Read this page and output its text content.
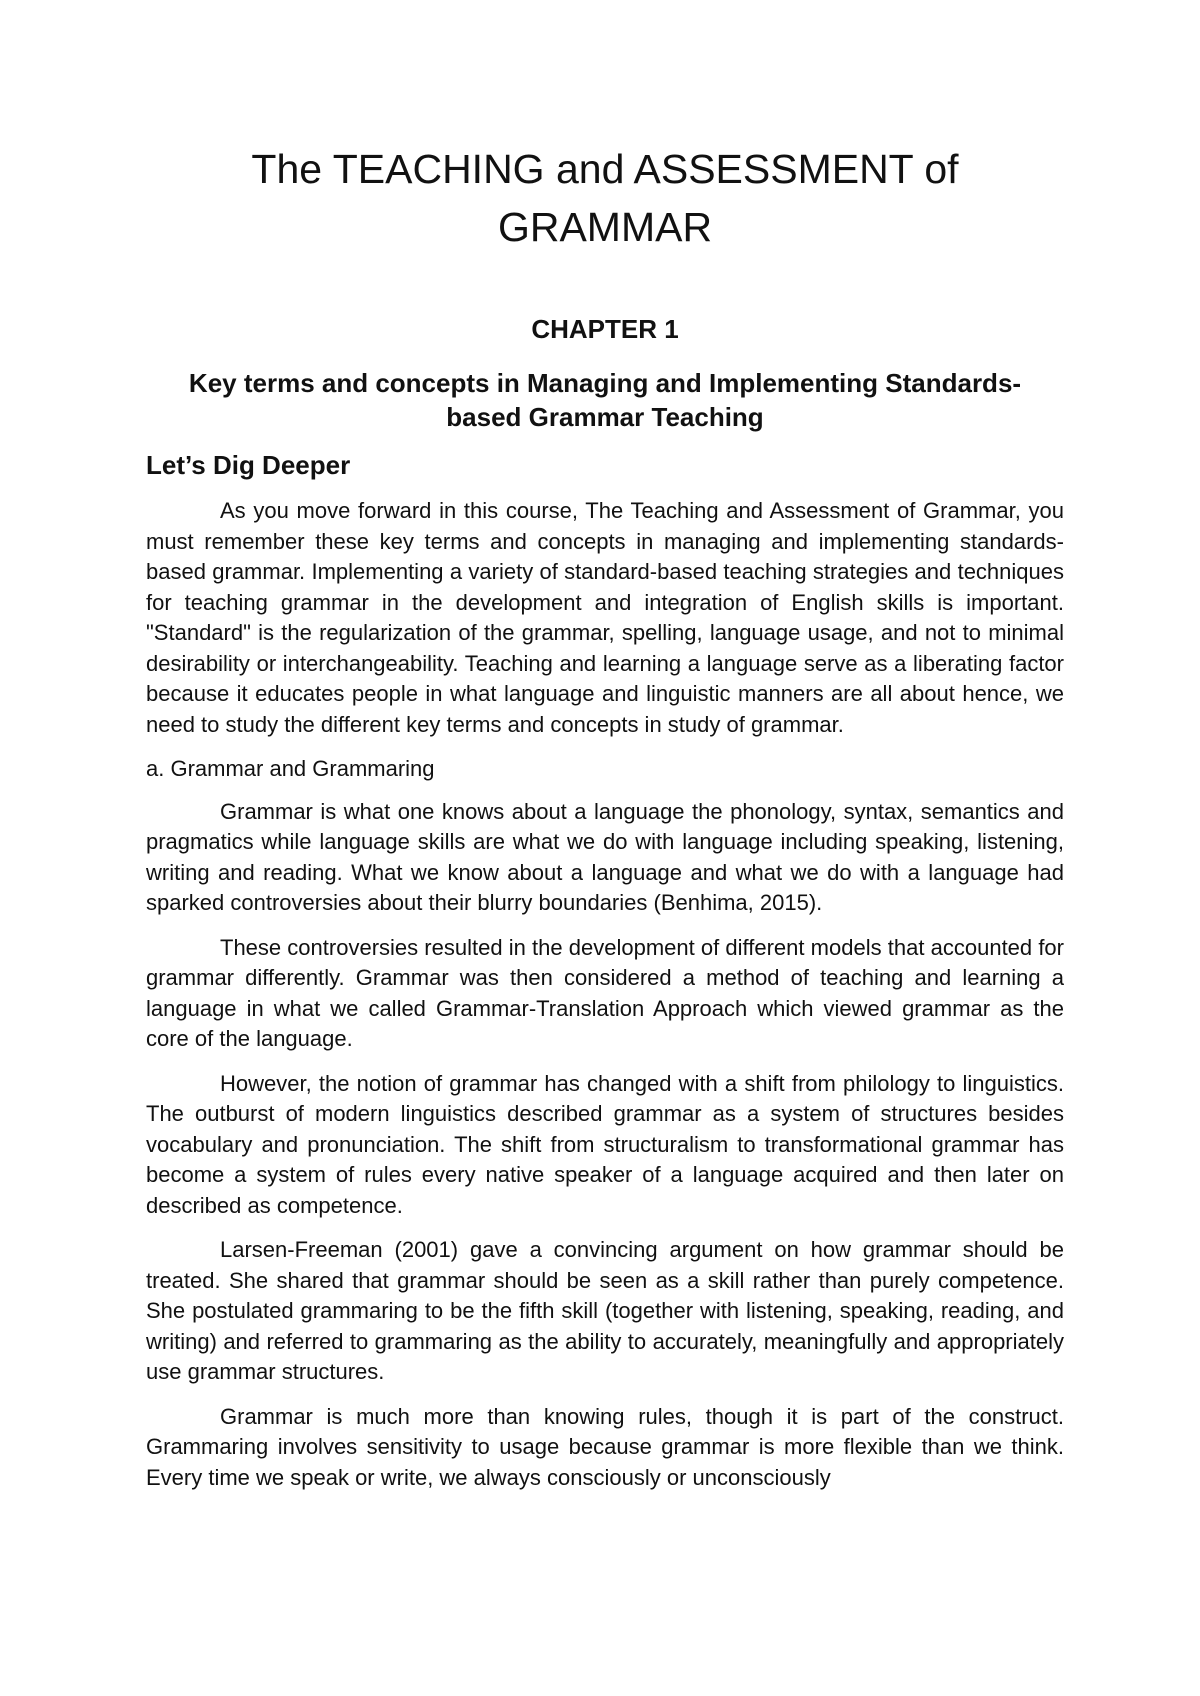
The TEACHING and ASSESSMENT of
GRAMMAR

CHAPTER 1

Key terms and concepts in Managing and Implementing Standards-
based Grammar Teaching

Let’s Dig Deeper

As you move forward in this course, The Teaching and Assessment of Grammar, you must remember these key terms and concepts in managing and implementing standards-based grammar. Implementing a variety of standard-based teaching strategies and techniques for teaching grammar in the development and integration of English skills is important. "Standard" is the regularization of the grammar, spelling, language usage, and not to minimal desirability or interchangeability. Teaching and learning a language serve as a liberating factor because it educates people in what language and linguistic manners are all about hence, we need to study the different key terms and concepts in study of grammar.

a. Grammar and Grammaring

Grammar is what one knows about a language the phonology, syntax, semantics and pragmatics while language skills are what we do with language including speaking, listening, writing and reading. What we know about a language and what we do with a language had sparked controversies about their blurry boundaries (Benhima, 2015).

These controversies resulted in the development of different models that accounted for grammar differently. Grammar was then considered a method of teaching and learning a language in what we called Grammar-Translation Approach which viewed grammar as the core of the language.

However, the notion of grammar has changed with a shift from philology to linguistics. The outburst of modern linguistics described grammar as a system of structures besides vocabulary and pronunciation. The shift from structuralism to transformational grammar has become a system of rules every native speaker of a language acquired and then later on described as competence.

Larsen-Freeman (2001) gave a convincing argument on how grammar should be treated. She shared that grammar should be seen as a skill rather than purely competence. She postulated grammaring to be the fifth skill (together with listening, speaking, reading, and writing) and referred to grammaring as the ability to accurately, meaningfully and appropriately use grammar structures.

Grammar is much more than knowing rules, though it is part of the construct. Grammaring involves sensitivity to usage because grammar is more flexible than we think. Every time we speak or write, we always consciously or unconsciously
